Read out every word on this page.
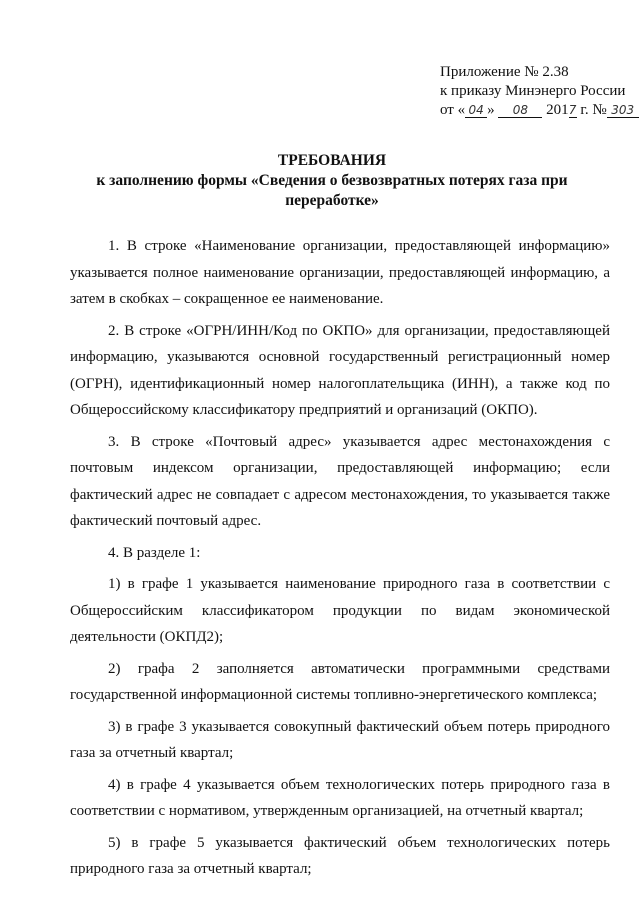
Приложение № 2.38
к приказу Минэнерго России
от « 04 » 08 2017 г. № 303
ТРЕБОВАНИЯ
к заполнению формы «Сведения о безвозвратных потерях газа при переработке»

1. В строке «Наименование организации, предоставляющей информацию» указывается полное наименование организации, предоставляющей информацию, а затем в скобках – сокращенное ее наименование.

2. В строке «ОГРН/ИНН/Код по ОКПО» для организации, предоставляющей информацию, указываются основной государственный регистрационный номер (ОГРН), идентификационный номер налогоплательщика (ИНН), а также код по Общероссийскому классификатору предприятий и организаций (ОКПО).

3. В строке «Почтовый адрес» указывается адрес местонахождения с почтовым индексом организации, предоставляющей информацию; если фактический адрес не совпадает с адресом местонахождения, то указывается также фактический почтовый адрес.

4. В разделе 1:

1) в графе 1 указывается наименование природного газа в соответствии с Общероссийским классификатором продукции по видам экономической деятельности (ОКПД2);

2) графа 2 заполняется автоматически программными средствами государственной информационной системы топливно-энергетического комплекса;

3) в графе 3 указывается совокупный фактический объем потерь природного газа за отчетный квартал;

4) в графе 4 указывается объем технологических потерь природного газа в соответствии с нормативом, утвержденным организацией, на отчетный квартал;

5) в графе 5 указывается фактический объем технологических потерь природного газа за отчетный квартал;
